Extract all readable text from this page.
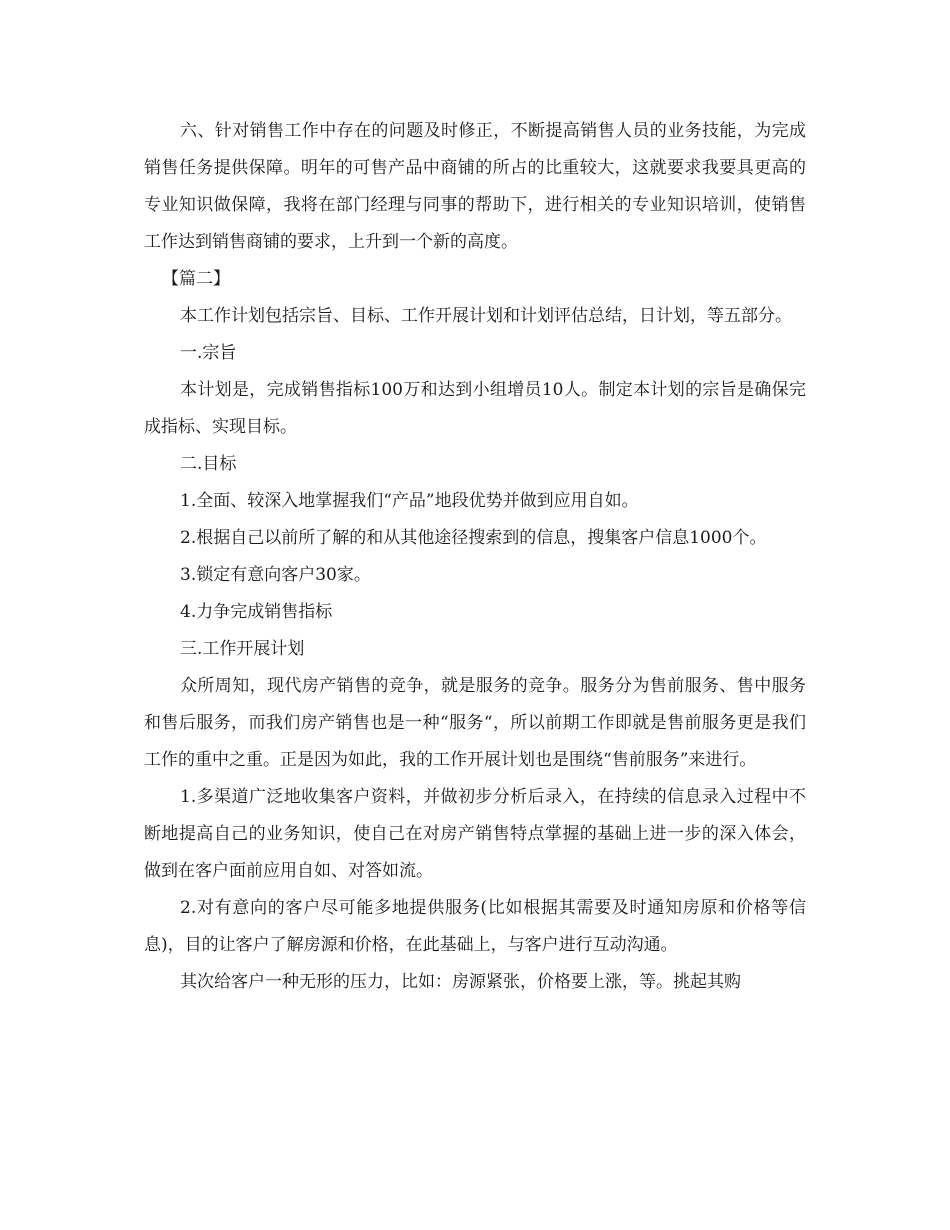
六、针对销售工作中存在的问题及时修正，不断提高销售人员的业务技能，为完成销售任务提供保障。明年的可售产品中商铺的所占的比重较大，这就要求我要具更高的专业知识做保障，我将在部门经理与同事的帮助下，进行相关的专业知识培训，使销售工作达到销售商铺的要求，上升到一个新的高度。

【篇二】

本工作计划包括宗旨、目标、工作开展计划和计划评估总结，日计划，等五部分。

一.宗旨

本计划是，完成销售指标100万和达到小组增员10人。制定本计划的宗旨是确保完成指标、实现目标。

二.目标

1.全面、较深入地掌握我们“产品”地段优势并做到应用自如。

2.根据自己以前所了解的和从其他途径搜索到的信息，搜集客户信息1000个。

3.锁定有意向客户30家。

4.力争完成销售指标

三.工作开展计划

众所周知，现代房产销售的竞争，就是服务的竞争。服务分为售前服务、售中服务和售后服务，而我们房产销售也是一种“服务“，所以前期工作即就是售前服务更是我们工作的重中之重。正是因为如此，我的工作开展计划也是围绕“售前服务”来进行。

1.多渠道广泛地收集客户资料，并做初步分析后录入，在持续的信息录入过程中不断地提高自己的业务知识，使自己在对房产销售特点掌握的基础上进一步的深入体会，做到在客户面前应用自如、对答如流。

2.对有意向的客户尽可能多地提供服务(比如根据其需要及时通知房原和价格等信息)，目的让客户了解房源和价格，在此基础上，与客户进行互动沟通。

其次给客户一种无形的压力，比如：房源紧张，价格要上涨，等。挑起其购
